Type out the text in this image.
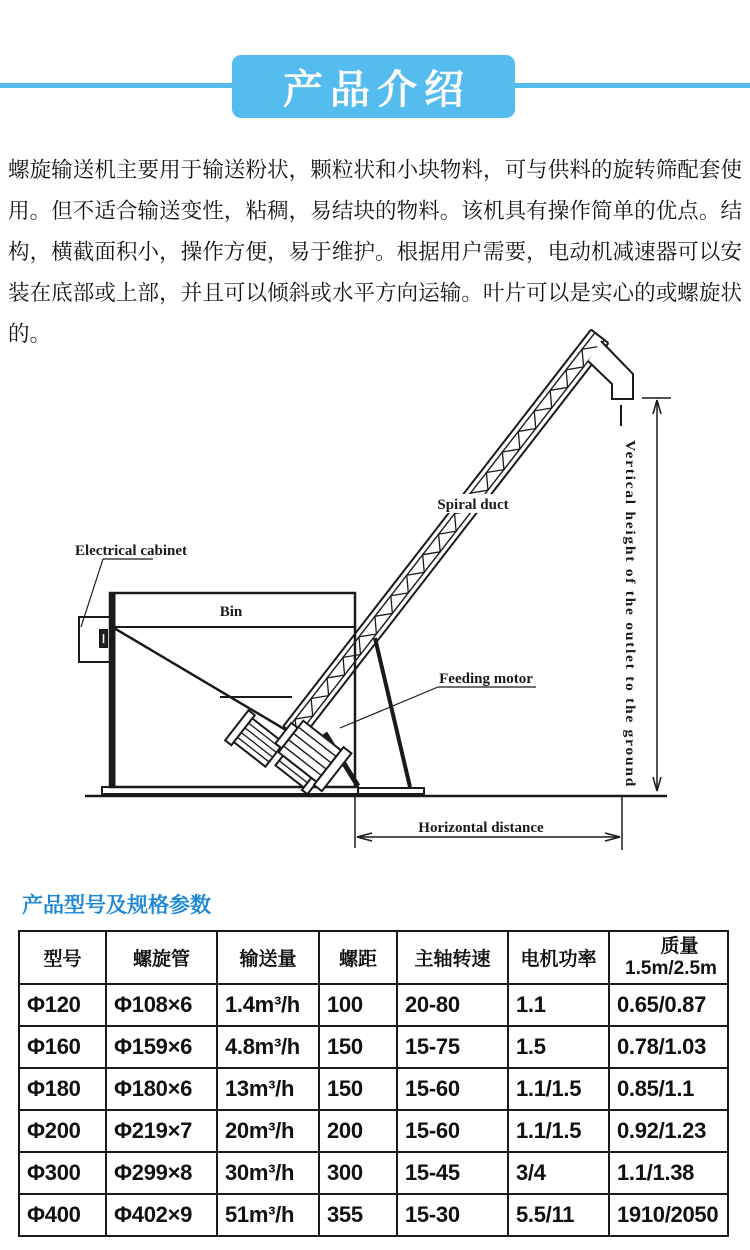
产品介绍
螺旋输送机主要用于输送粉状，颗粒状和小块物料，可与供料的旋转筛配套使用。但不适合输送变性，粘稠，易结块的物料。该机具有操作简单的优点。结构，横截面积小，操作方便，易于维护。根据用户需要，电动机减速器可以安装在底部或上部，并且可以倾斜或水平方向运输。叶片可以是实心的或螺旋状的。
Spiral duct
Bin
Electrical cabinet
Feeding motor
Horizontal distance
Vertical height of the outlet to the ground
产品型号及规格参数
型号	螺旋管	输送量	螺距	主轴转速	电机功率	质量
1.5m/2.5m

Φ120	Φ108×6	1.4m³/h	100	20-80	1.1	0.65/0.87
Φ160	Φ159×6	4.8m³/h	150	15-75	1.5	0.78/1.03
Φ180	Φ180×6	13m³/h	150	15-60	1.1/1.5	0.85/1.1
Φ200	Φ219×7	20m³/h	200	15-60	1.1/1.5	0.92/1.23
Φ300	Φ299×8	30m³/h	300	15-45	3/4	1.1/1.38
Φ400	Φ402×9	51m³/h	355	15-30	5.5/11	1910/2050
